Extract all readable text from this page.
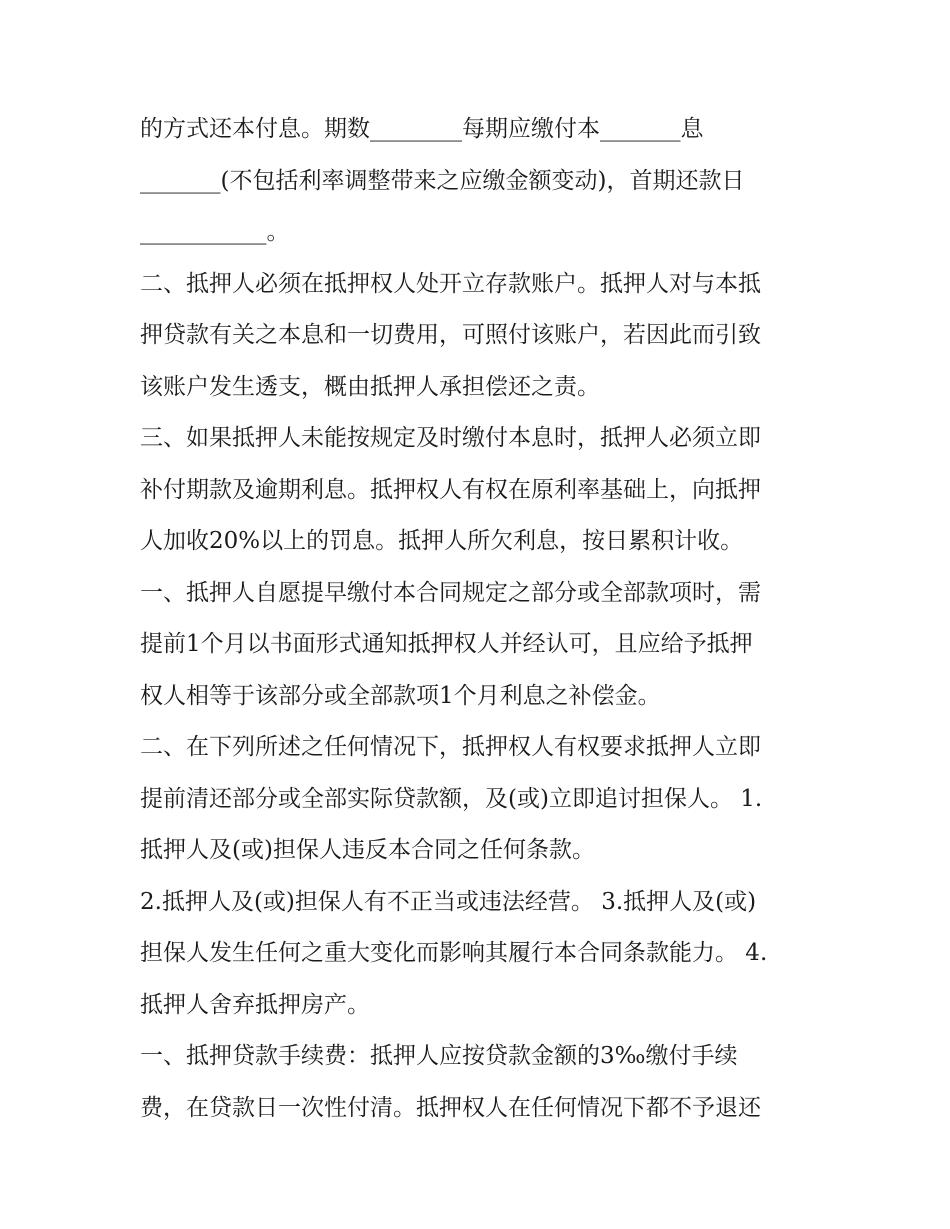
的方式还本付息。期数________每期应缴付本_______息
_______(不包括利率调整带来之应缴金额变动)，首期还款日
___________。
二、抵押人必须在抵押权人处开立存款账户。抵押人对与本抵
押贷款有关之本息和一切费用，可照付该账户，若因此而引致
该账户发生透支，概由抵押人承担偿还之责。
三、如果抵押人未能按规定及时缴付本息时，抵押人必须立即
补付期款及逾期利息。抵押权人有权在原利率基础上，向抵押
人加收20%以上的罚息。抵押人所欠利息，按日累积计收。
一、抵押人自愿提早缴付本合同规定之部分或全部款项时，需
提前1个月以书面形式通知抵押权人并经认可，且应给予抵押
权人相等于该部分或全部款项1个月利息之补偿金。
二、在下列所述之任何情况下，抵押权人有权要求抵押人立即
提前清还部分或全部实际贷款额，及(或)立即追讨担保人。 1.
抵押人及(或)担保人违反本合同之任何条款。
2.抵押人及(或)担保人有不正当或违法经营。 3.抵押人及(或)
担保人发生任何之重大变化而影响其履行本合同条款能力。 4.
抵押人舍弃抵押房产。
一、抵押贷款手续费：抵押人应按贷款金额的3‰缴付手续
费，在贷款日一次性付清。抵押权人在任何情况下都不予退还
